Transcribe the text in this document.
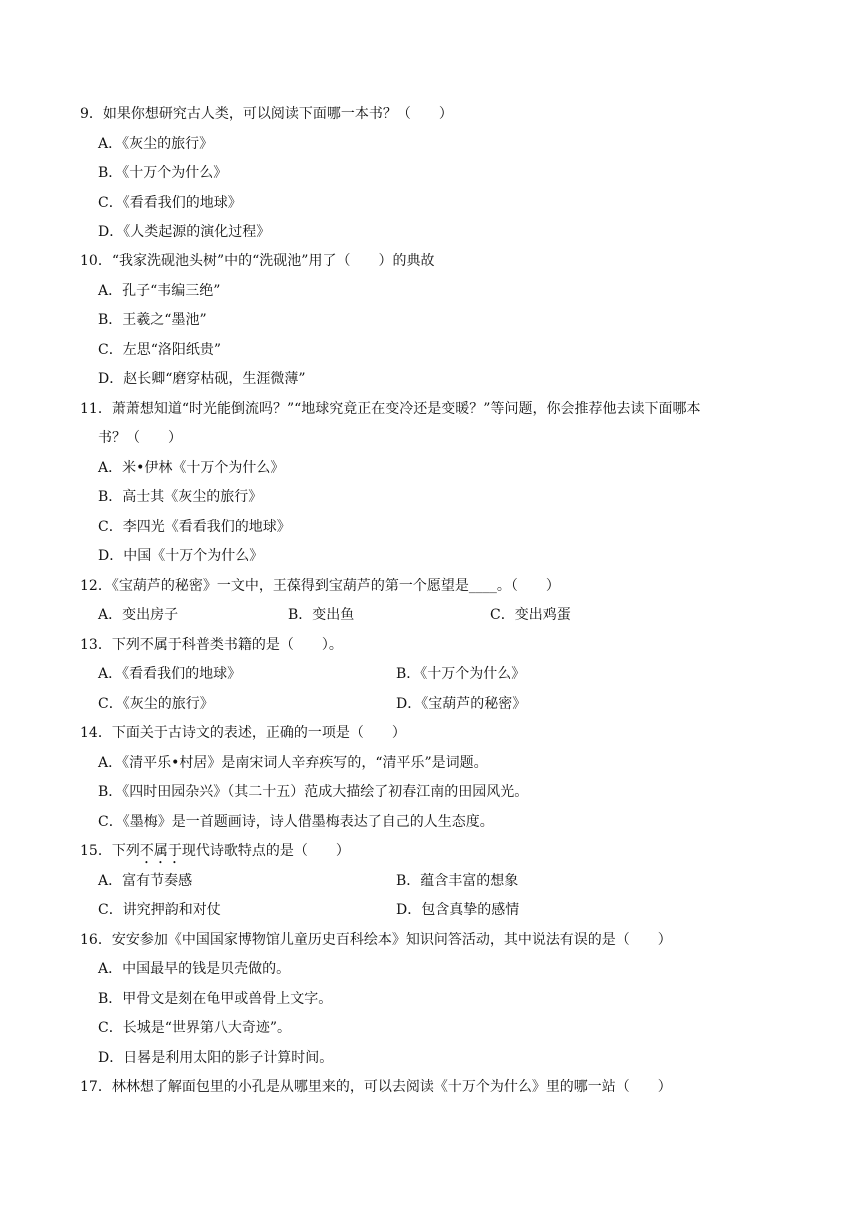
9．如果你想研究古人类，可以阅读下面哪一本书？（　　）
A．《灰尘的旅行》
B．《十万个为什么》
C．《看看我们的地球》
D．《人类起源的演化过程》
10．“我家洗砚池头树”中的“洗砚池”用了（　　）的典故
A．孔子“韦编三绝”
B．王羲之“墨池”
C．左思“洛阳纸贵”
D．赵长卿“磨穿枯砚，生涯微薄”
11．萧萧想知道“时光能倒流吗？”“地球究竟正在变冷还是变暖？”等问题，你会推荐他去读下面哪本
书？（　　）
A．米•伊林《十万个为什么》
B．高士其《灰尘的旅行》
C．李四光《看看我们的地球》
D．中国《十万个为什么》
12．《宝葫芦的秘密》一文中，王葆得到宝葫芦的第一个愿望是____。（　　）
A．变出房子	B．变出鱼	C．变出鸡蛋
13．下列不属于科普类书籍的是（　　）。
A．《看看我们的地球》	B．《十万个为什么》
C．《灰尘的旅行》	D．《宝葫芦的秘密》
14．下面关于古诗文的表述，正确的一项是（　　）
A．《清平乐•村居》是南宋词人辛弃疾写的，“清平乐”是词题。
B．《四时田园杂兴》（其二十五）范成大描绘了初春江南的田园风光。
C．《墨梅》是一首题画诗，诗人借墨梅表达了自己的人生态度。
15．下列不属于现代诗歌特点的是（　　）
A．富有节奏感	B．蕴含丰富的想象
C．讲究押韵和对仗	D．包含真挚的感情
16．安安参加《中国国家博物馆儿童历史百科绘本》知识问答活动，其中说法有误的是（　　）
A．中国最早的钱是贝壳做的。
B．甲骨文是刻在龟甲或兽骨上文字。
C．长城是“世界第八大奇迹”。
D．日晷是利用太阳的影子计算时间。
17．林林想了解面包里的小孔是从哪里来的，可以去阅读《十万个为什么》里的哪一站（　　）
